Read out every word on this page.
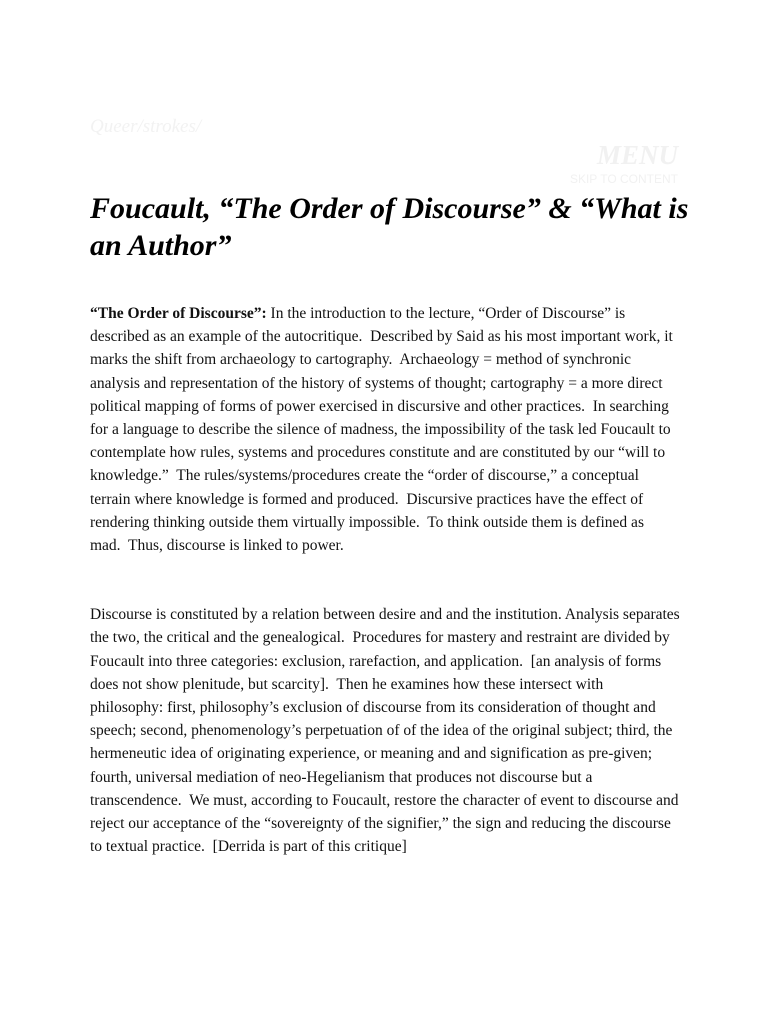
Queer/strokes/
MENU
SKIP TO CONTENT
Foucault, “The Order of Discourse” & “What is an Author”

“The Order of Discourse”: In the introduction to the lecture, “Order of Discourse” is described as an example of the autocritique.  Described by Said as his most important work, it marks the shift from archaeology to cartography.  Archaeology = method of synchronic analysis and representation of the history of systems of thought; cartography = a more direct political mapping of forms of power exercised in discursive and other practices.  In searching for a language to describe the silence of madness, the impossibility of the task led Foucault to contemplate how rules, systems and procedures constitute and are constituted by our “will to knowledge.”  The rules/systems/procedures create the “order of discourse,” a conceptual terrain where knowledge is formed and produced.  Discursive practices have the effect of rendering thinking outside them virtually impossible.  To think outside them is defined as mad.  Thus, discourse is linked to power.

Discourse is constituted by a relation between desire and and the institution. Analysis separates the two, the critical and the genealogical.  Procedures for mastery and restraint are divided by Foucault into three categories: exclusion, rarefaction, and application.  [an analysis of forms does not show plenitude, but scarcity].  Then he examines how these intersect with philosophy: first, philosophy’s exclusion of discourse from its consideration of thought and speech; second, phenomenology’s perpetuation of of the idea of the original subject; third, the hermeneutic idea of originating experience, or meaning and and signification as pre-given; fourth, universal mediation of neo-Hegelianism that produces not discourse but a transcendence.  We must, according to Foucault, restore the character of event to discourse and reject our acceptance of the “sovereignty of the signifier,” the sign and reducing the discourse to textual practice.  [Derrida is part of this critique]
